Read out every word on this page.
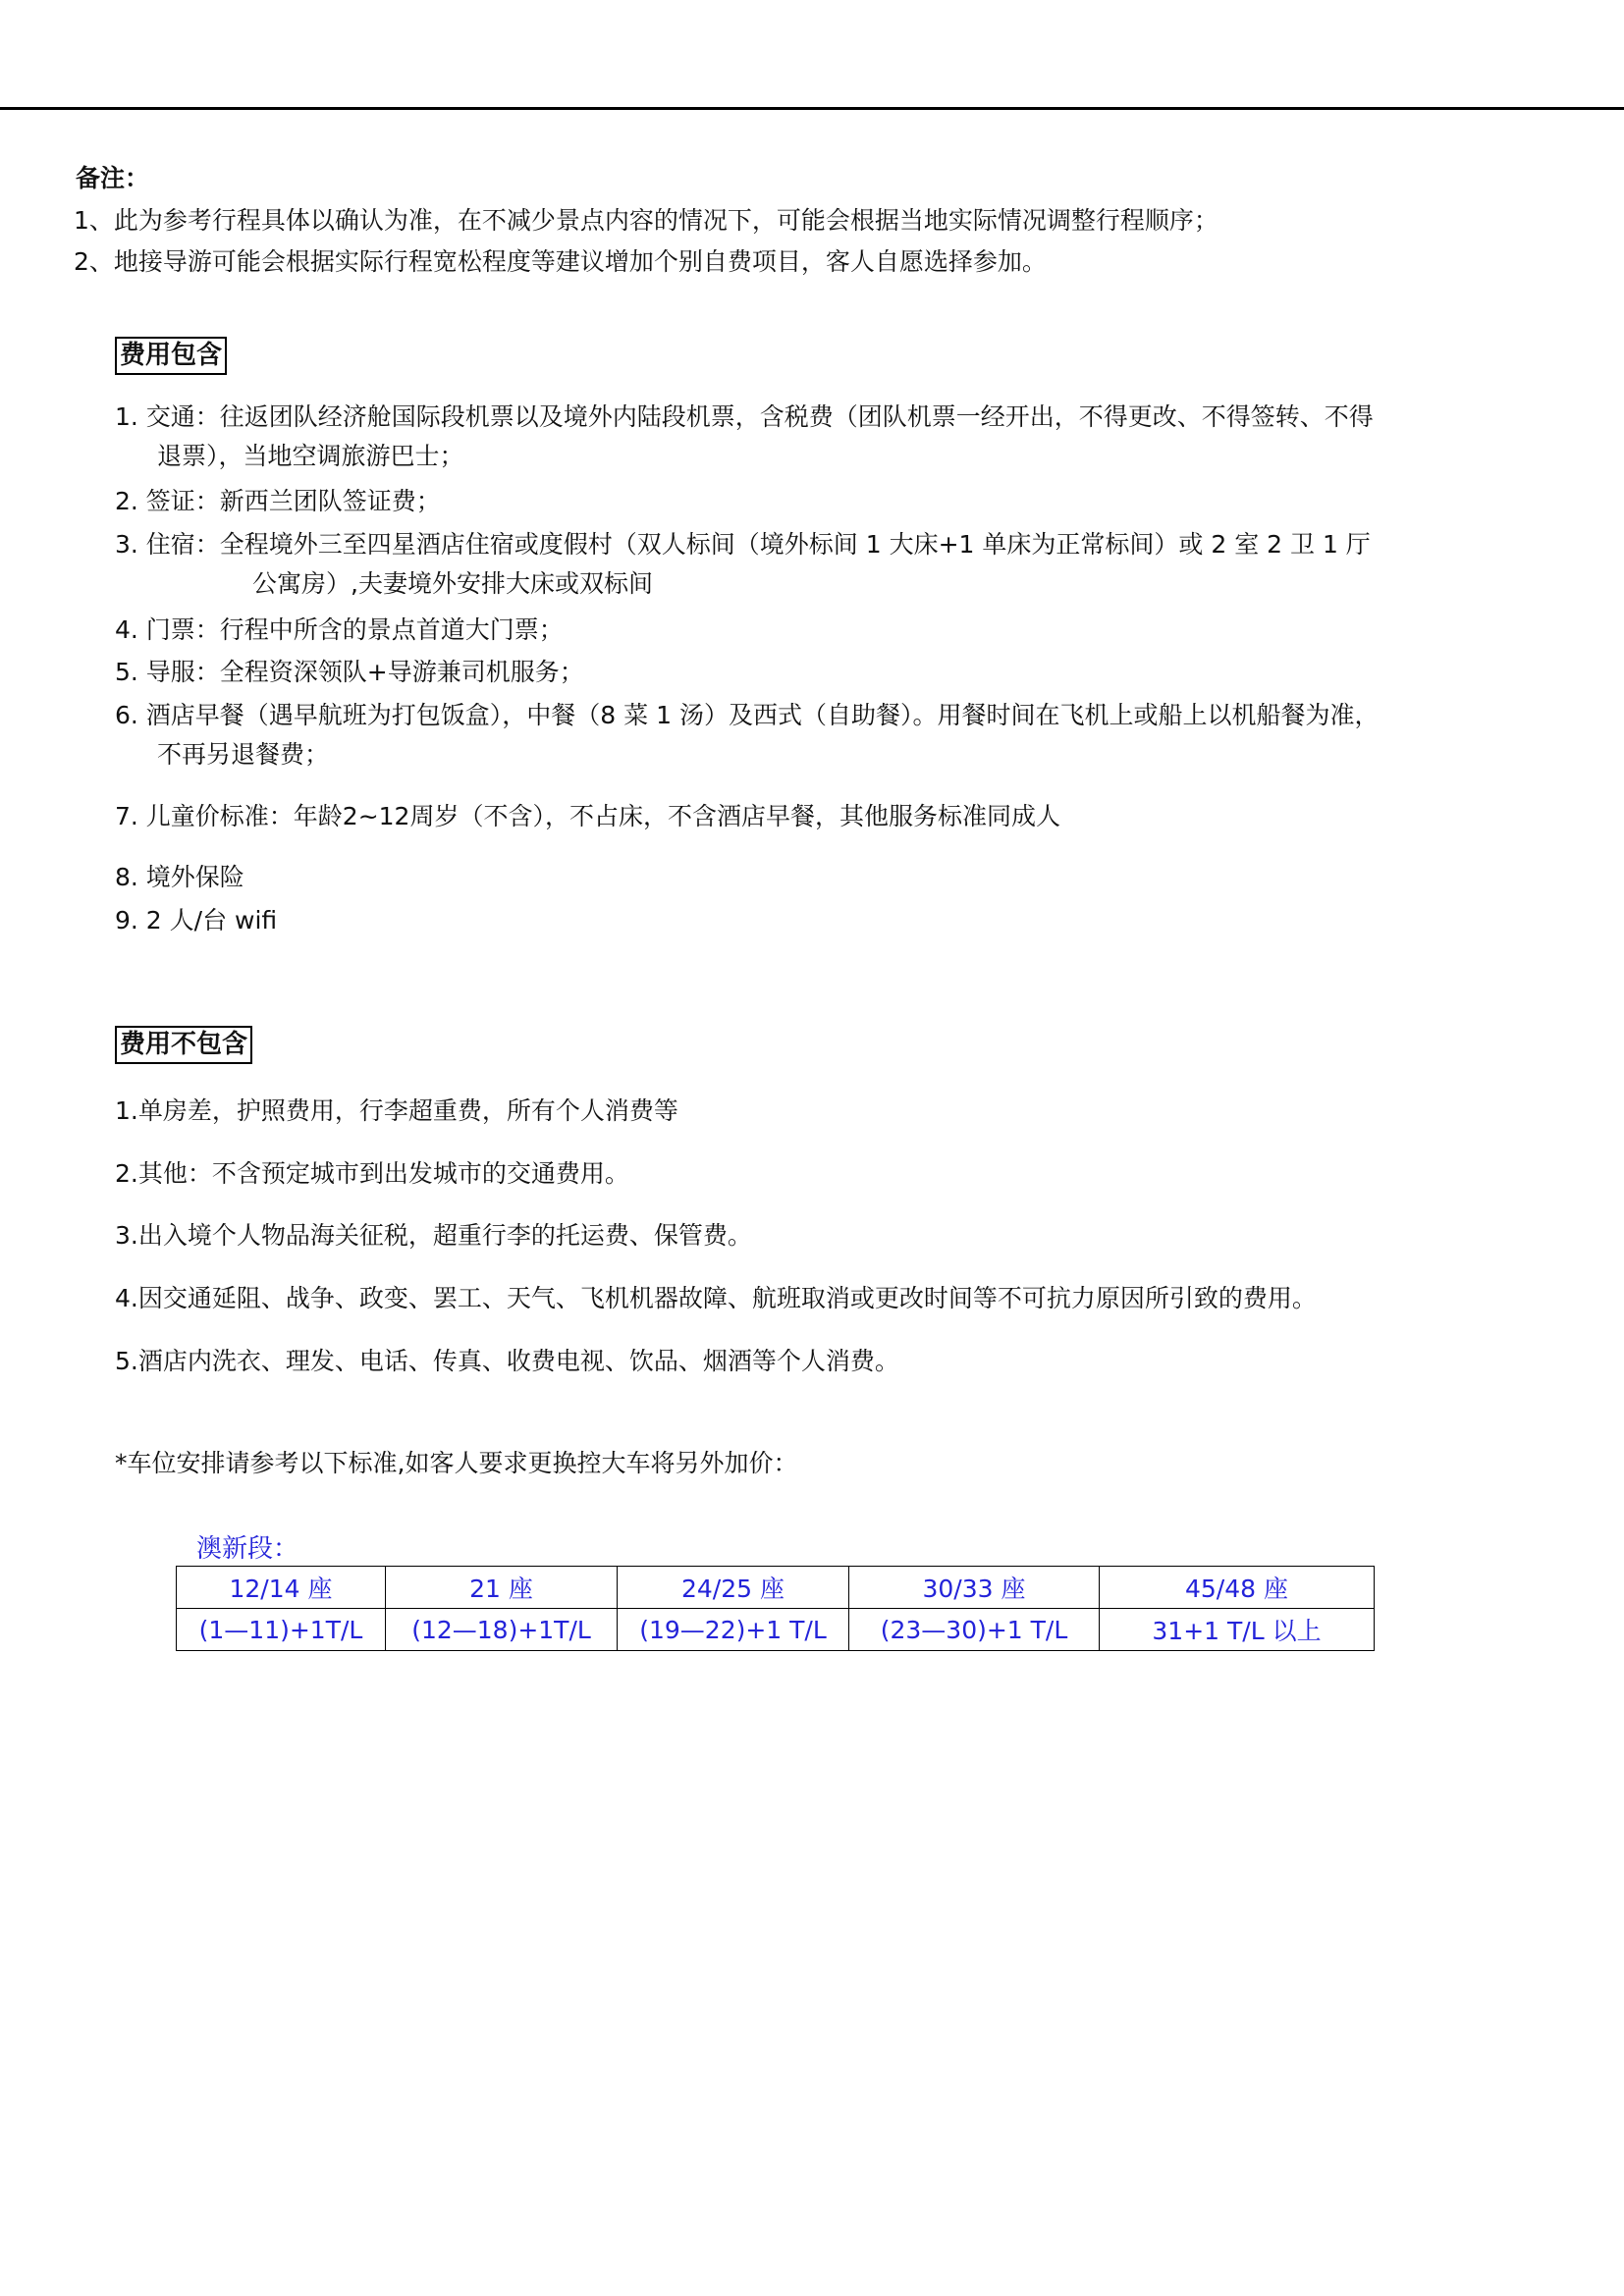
备注：
1、此为参考行程具体以确认为准，在不减少景点内容的情况下，可能会根据当地实际情况调整行程顺序；
2、地接导游可能会根据实际行程宽松程度等建议增加个别自费项目，客人自愿选择参加。
费用包含
1. 交通：往返团队经济舱国际段机票以及境外内陆段机票，含税费（团队机票一经开出，不得更改、不得签转、不得
退票），当地空调旅游巴士；
2. 签证：新西兰团队签证费；
3. 住宿：全程境外三至四星酒店住宿或度假村（双人标间（境外标间 1 大床+1 单床为正常标间）或 2 室 2 卫 1 厅
公寓房）,夫妻境外安排大床或双标间
4. 门票：行程中所含的景点首道大门票；
5. 导服：全程资深领队+导游兼司机服务；
6. 酒店早餐（遇早航班为打包饭盒），中餐（8 菜 1 汤）及西式（自助餐）。用餐时间在飞机上或船上以机船餐为准，
不再另退餐费；
7. 儿童价标准：年龄2~12周岁（不含），不占床，不含酒店早餐，其他服务标准同成人
8. 境外保险
9. 2 人/台 wifi
费用不包含
1.单房差，护照费用，行李超重费，所有个人消费等
2.其他：不含预定城市到出发城市的交通费用。
3.出入境个人物品海关征税，超重行李的托运费、保管费。
4.因交通延阻、战争、政变、罢工、天气、飞机机器故障、航班取消或更改时间等不可抗力原因所引致的费用。
5.酒店内洗衣、理发、电话、传真、收费电视、饮品、烟酒等个人消费。
*车位安排请参考以下标准,如客人要求更换控大车将另外加价：
澳新段：
12/14 座	21 座	24/25 座	30/33 座	45/48 座
(1—11)+1T/L	(12—18)+1T/L	(19—22)+1 T/L	(23—30)+1 T/L	31+1 T/L 以上
